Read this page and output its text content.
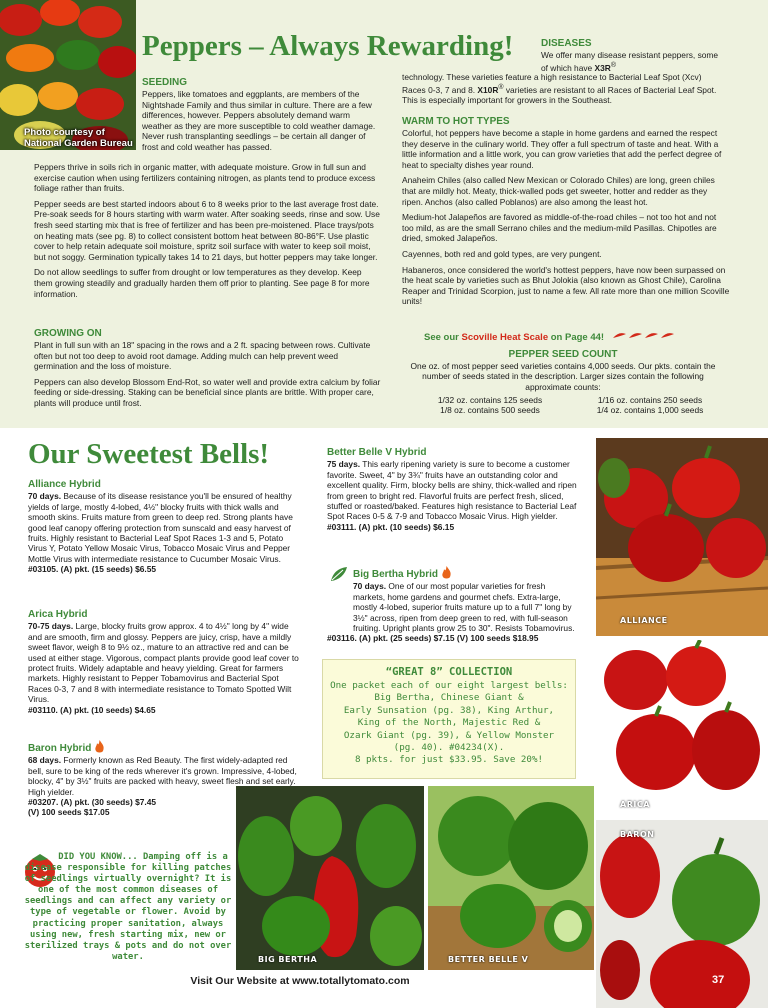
Photo courtesy of National Garden Bureau
Peppers – Always Rewarding!
SEEDING

Peppers, like tomatoes and eggplants, are members of the Nightshade Family and thus similar in culture. There are a few differences, however. Peppers absolutely demand warm weather as they are more susceptible to cold weather damage. Never rush transplanting seedlings – be certain all danger of frost and cold weather has passed.

Peppers thrive in soils rich in organic matter, with adequate moisture. Grow in full sun and exercise caution when using fertilizers containing nitrogen, as plants tend to produce excess foliage rather than fruits.

Pepper seeds are best started indoors about 6 to 8 weeks prior to the last average frost date. Pre-soak seeds for 8 hours starting with warm water. After soaking seeds, rinse and sow. Use fresh seed starting mix that is free of fertilizer and has been pre-moistened. Place trays/pots on heating mats (see pg. 8) to collect consistent bottom heat between 80-86°F. Use plastic cover to help retain adequate soil moisture, spritz soil surface with water to keep soil moist, but not soggy. Germination typically takes 14 to 21 days, but hotter peppers may take longer.

Do not allow seedlings to suffer from drought or low temperatures as they develop. Keep them growing steadily and gradually harden them off prior to planting. See page 8 for more information.

GROWING ON

Plant in full sun with an 18" spacing in the rows and a 2 ft. spacing between rows. Cultivate often but not too deep to avoid root damage. Adding mulch can help prevent weed germination and the loss of moisture.

Peppers can also develop Blossom End-Rot, so water well and provide extra calcium by foliar feeding or side-dressing. Staking can be beneficial since plants are brittle. With proper care, plants will produce until frost.

DISEASES
We offer many disease resistant peppers, some of which have X3R®
technology. These varieties feature a high resistance to Bacterial Leaf Spot (Xcv) Races 0-3, 7 and 8. X10R® varieties are resistant to all Races of Bacterial Leaf Spot. This is especially important for growers in the Southeast.
WARM TO HOT TYPES

Colorful, hot peppers have become a staple in home gardens and earned the respect they deserve in the culinary world. They offer a full spectrum of taste and heat. With a little information and a little work, you can grow varieties that add the perfect degree of heat to specialty dishes year round.

Anaheim Chiles (also called New Mexican or Colorado Chiles) are long, green chiles that are mildly hot. Meaty, thick-walled pods get sweeter, hotter and redder as they ripen. Anchos (also called Poblanos) are also among the least hot.

Medium-hot Jalapeños are favored as middle-of-the-road chiles – not too hot and not too mild, as are the small Serrano chiles and the medium-mild Pasillas. Chipotles are dried, smoked Jalapeños.

Cayennes, both red and gold types, are very pungent.

Habaneros, once considered the world's hottest peppers, have now been surpassed on the heat scale by varieties such as Bhut Jolokia (also known as Ghost Chile), Carolina Reaper and Trinidad Scorpion, just to name a few. All rate more than one million Scoville units!

See our Scoville Heat Scale on Page 44!
PEPPER SEED COUNT
One oz. of most pepper seed varieties contains 4,000 seeds. Our pkts. contain the number of seeds stated in the description. Larger sizes contain the following approximate counts:
1/32 oz. contains 125 seeds	1/16 oz. contains 250 seeds
1/8 oz. contains 500 seeds	1/4 oz. contains 1,000 seeds
Our Sweetest Bells!
Alliance Hybrid
70 days. Because of its disease resistance you'll be ensured of healthy yields of large, mostly 4-lobed, 4½" blocky fruits with thick walls and smooth skins. Fruits mature from green to deep red. Strong plants have good leaf canopy offering protection from sunscald and easy harvest of fruits. Highly resistant to Bacterial Leaf Spot Races 1-3 and 5, Potato Virus Y, Potato Yellow Mosaic Virus, Tobacco Mosaic Virus and Pepper Mottle Virus with intermediate resistance to Cucumber Mosaic Virus.
#03105. (A) pkt. (15 seeds) $6.55
Arica Hybrid
70-75 days. Large, blocky fruits grow approx. 4 to 4½" long by 4" wide and are smooth, firm and glossy. Peppers are juicy, crisp, have a mildly sweet flavor, weigh 8 to 9½ oz., mature to an attractive red and can be used at either stage. Vigorous, compact plants provide good leaf cover to protect fruits. Widely adaptable and heavy yielding. Great for farmers markets. Highly resistant to Pepper Tobamovirus and Bacterial Spot Races 0-3, 7 and 8 with intermediate resistance to Tomato Spotted Wilt Virus.
#03110. (A) pkt. (10 seeds) $4.65
Baron Hybrid
68 days. Formerly known as Red Beauty. The first widely-adapted red bell, sure to be king of the reds wherever it's grown. Impressive, 4-lobed, blocky, 4" by 3½" fruits are packed with heavy, sweet flesh and set early. High yielder.
#03207. (A) pkt. (30 seeds) $7.45
(V) 100 seeds $17.05
Better Belle V Hybrid
75 days. This early ripening variety is sure to become a customer favorite. Sweet, 4" by 3¾" fruits have an outstanding color and excellent quality. Firm, blocky bells are shiny, thick-walled and ripen from green to bright red. Flavorful fruits are perfect fresh, sliced, stuffed or roasted/baked. Features high resistance to Bacterial Leaf Spot Races 0-5 & 7-9 and Tobacco Mosaic Virus. High yielder.
#03111. (A) pkt. (10 seeds) $6.15
Big Bertha Hybrid
70 days. One of our most popular varieties for fresh markets, home gardens and gourmet chefs. Extra-large, mostly 4-lobed, superior fruits mature up to a full 7" long by 3½" across, ripen from deep green to red, with full-season fruiting. Upright plants grow 25 to 30". Resists Tobamovirus.
#03116. (A) pkt. (25 seeds) $7.15 (V) 100 seeds $18.95
“GREAT 8” COLLECTION
One packet each of our eight largest bells:
Big Bertha, Chinese Giant &
Early Sunsation (pg. 38), King Arthur,
King of the North, Majestic Red &
Ozark Giant (pg. 39), & Yellow Monster
(pg. 40). #04234(X).
8 pkts. for just $33.95. Save 20%!
DID YOU KNOW... Damping off is a disease responsible for killing patches of seedlings virtually overnight? It is one of the most common diseases of seedlings and can affect any variety or type of vegetable or flower. Avoid by practicing proper sanitation, always using new, fresh starting mix, new or sterilized trays & pots and do not over water.
ALLIANCE
ARICA
BARON
BIG BERTHA	BETTER BELLE V
Visit Our Website at www.totallytomato.com	37
